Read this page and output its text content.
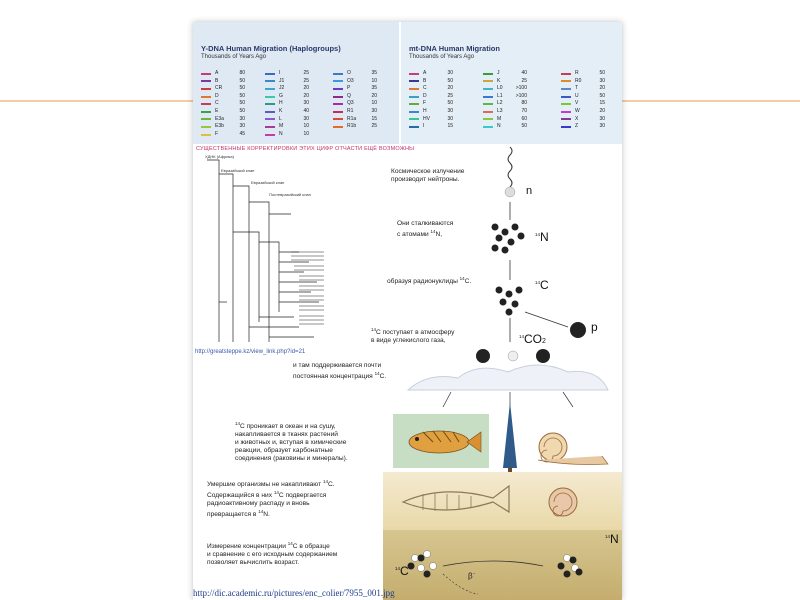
Y-DNA Human Migration (Haplogroups)
Thousands of Years Ago
A	80
B	50
CR	50
D	50
C	50
E	50
E3a	30
E3b	30
F	45
I	25
J1	25
J2	20
G	20
H	30
K	40
L	30
M	10
N	10
O	35
O3	10
P	35
Q	20
Q3	10
R1	30
R1a	15
R1b	25
mt-DNA Human Migration
Thousands of Years Ago
A	30
B	50
C	20
D	25
F	50
H	30
HV	30
I	15
J	40
K	25
L0	>100
L1	>100
L2	80
L3	70
M	60
N	50
R	50
R0	30
T	20
U	50
V	15
W	20
X	30
Z	30
СУЩЕСТВЕННЫЕ КОРРЕКТИРОВКИ ЭТИХ ЦИФР ОТЧАСТИ ЕЩЁ ВОЗМОЖНЫ
ХДНК (Африка)
Евразийский клан
Евразийский клан
Постевразийский клан
http://greatsteppe.kz/view_link.php?id=21
Космическое излучение производит нейтроны.
n
Они сталкиваются
с атомами $^{14}$N,	$^{14}$N
образуя радионуклиды $^{14}$C.	$^{14}$C
p
$^{14}$C поступает в атмосферу
в виде углекислого газа,
$^{14}$CO2
и там поддерживается почти
постоянная концентрация $^{14}$C.
$^{14}$C проникает в океан и на сушу,
накапливается в тканях растений
и животных и, вступая в химические
реакции, образует карбонатные
соединения (раковины и минералы).
Умершие организмы не накапливают $^{14}$C.
Содержащийся в них $^{14}$C подвергается
радиоактивному распаду и вновь
превращается в $^{14}$N.
Измерение концентрации $^{14}$C в образце
и сравнение с его исходным содержанием
позволяет вычислить возраст.
$^{14}$C
$^{14}$N
β−
http://dic.academic.ru/pictures/enc_colier/7955_001.jpg
